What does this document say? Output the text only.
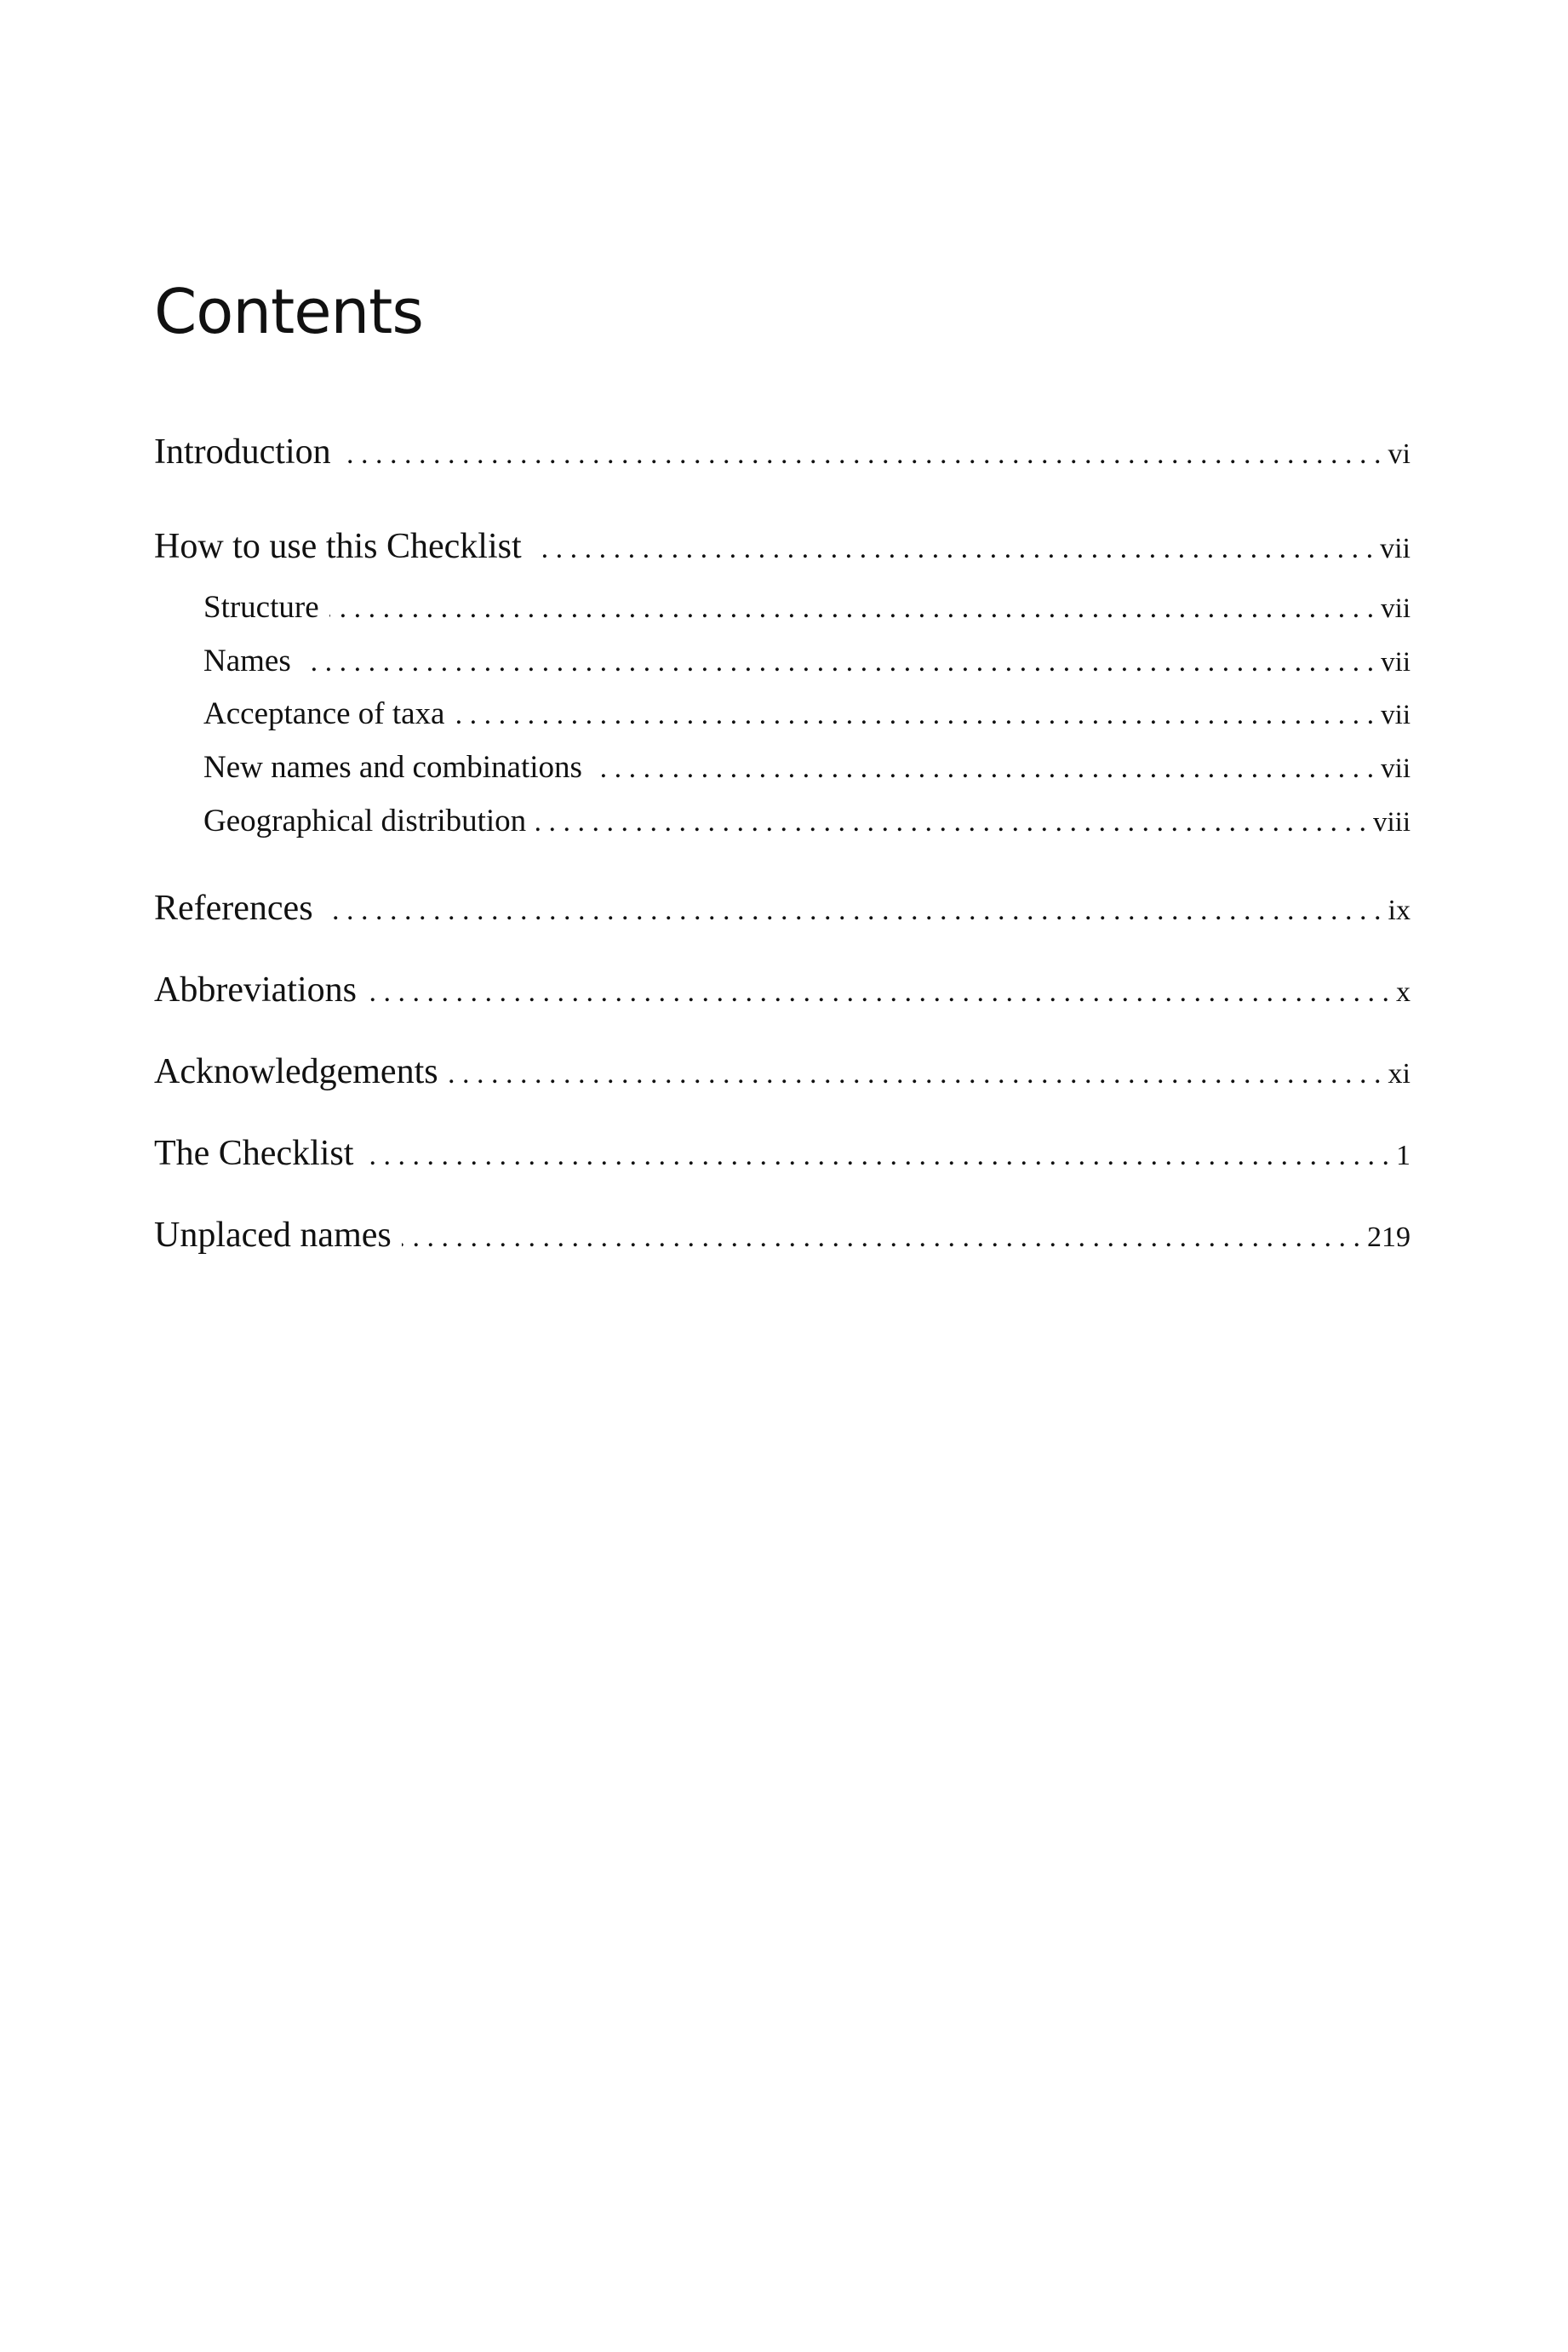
Contents
Introduction . . .	vi
How to use this Checklist . . .	vii
Structure . . .	vii
Names . . .	vii
Acceptance of taxa . . .	vii
New names and combinations . . .	vii
Geographical distribution . . .	viii
References . . .	ix
Abbreviations . . .	x
Acknowledgements . . .	xi
The Checklist . . .	1
Unplaced names . . .	219
